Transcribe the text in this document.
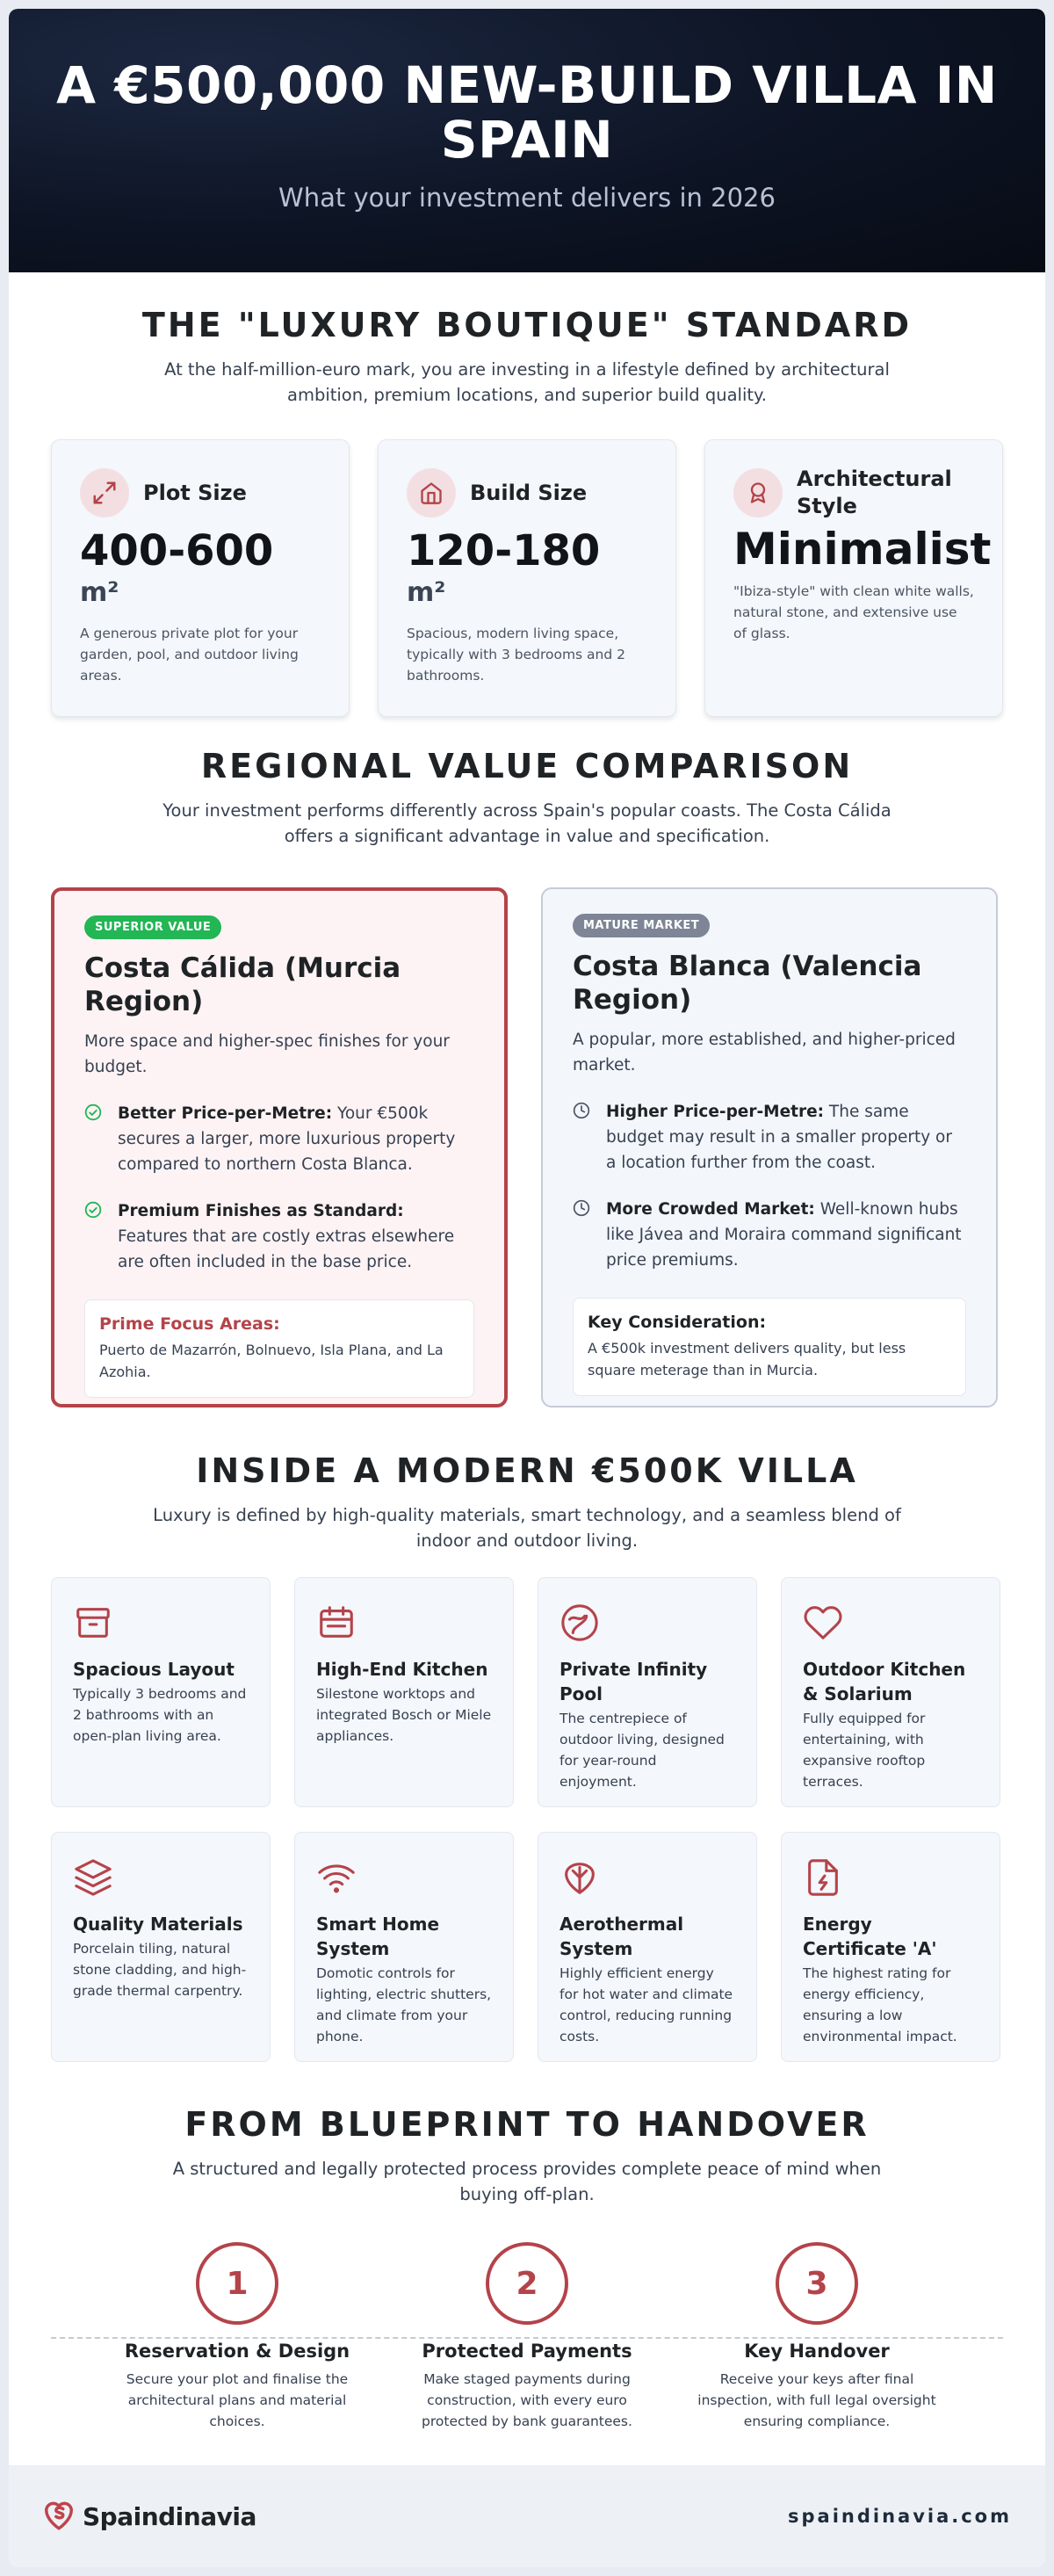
A €500,000 NEW-BUILD VILLA IN SPAIN
What your investment delivers in 2026
THE "LUXURY BOUTIQUE" STANDARD
At the half-million-euro mark, you are investing in a lifestyle defined by architectural ambition, premium locations, and superior build quality.
Plot Size
400-600
m²
A generous private plot for your garden, pool, and outdoor living areas.
Build Size
120-180
m²
Spacious, modern living space, typically with 3 bedrooms and 2 bathrooms.
Architectural Style
Minimalist
"Ibiza-style" with clean white walls, natural stone, and extensive use of glass.
REGIONAL VALUE COMPARISON
Your investment performs differently across Spain's popular coasts. The Costa Cálida offers a significant advantage in value and specification.
SUPERIOR VALUE
Costa Cálida (Murcia Region)
More space and higher-spec finishes for your budget.

Better Price-per-Metre: Your €500k secures a larger, more luxurious property compared to northern Costa Blanca.

Premium Finishes as Standard: Features that are costly extras elsewhere are often included in the base price.

Prime Focus Areas:
Puerto de Mazarrón, Bolnuevo, Isla Plana, and La Azohia.
MATURE MARKET
Costa Blanca (Valencia Region)
A popular, more established, and higher-priced market.

Higher Price-per-Metre: The same budget may result in a smaller property or a location further from the coast.

More Crowded Market: Well-known hubs like Jávea and Moraira command significant price premiums.

Key Consideration:
A €500k investment delivers quality, but less square meterage than in Murcia.
INSIDE A MODERN €500K VILLA
Luxury is defined by high-quality materials, smart technology, and a seamless blend of indoor and outdoor living.
Spacious Layout
Typically 3 bedrooms and 2 bathrooms with an open-plan living area.
High-End Kitchen
Silestone worktops and integrated Bosch or Miele appliances.
Private Infinity Pool
The centrepiece of outdoor living, designed for year-round enjoyment.
Outdoor Kitchen & Solarium
Fully equipped for entertaining, with expansive rooftop terraces.
Quality Materials
Porcelain tiling, natural stone cladding, and high-grade thermal carpentry.
Smart Home System
Domotic controls for lighting, electric shutters, and climate from your phone.
Aerothermal System
Highly efficient energy for hot water and climate control, reducing running costs.
Energy Certificate 'A'
The highest rating for energy efficiency, ensuring a low environmental impact.
FROM BLUEPRINT TO HANDOVER
A structured and legally protected process provides complete peace of mind when buying off-plan.
1
Reservation & Design
Secure your plot and finalise the architectural plans and material choices.
2
Protected Payments
Make staged payments during construction, with every euro protected by bank guarantees.
3
Key Handover
Receive your keys after final inspection, with full legal oversight ensuring compliance.
Spaindinavia	spaindinavia.com
